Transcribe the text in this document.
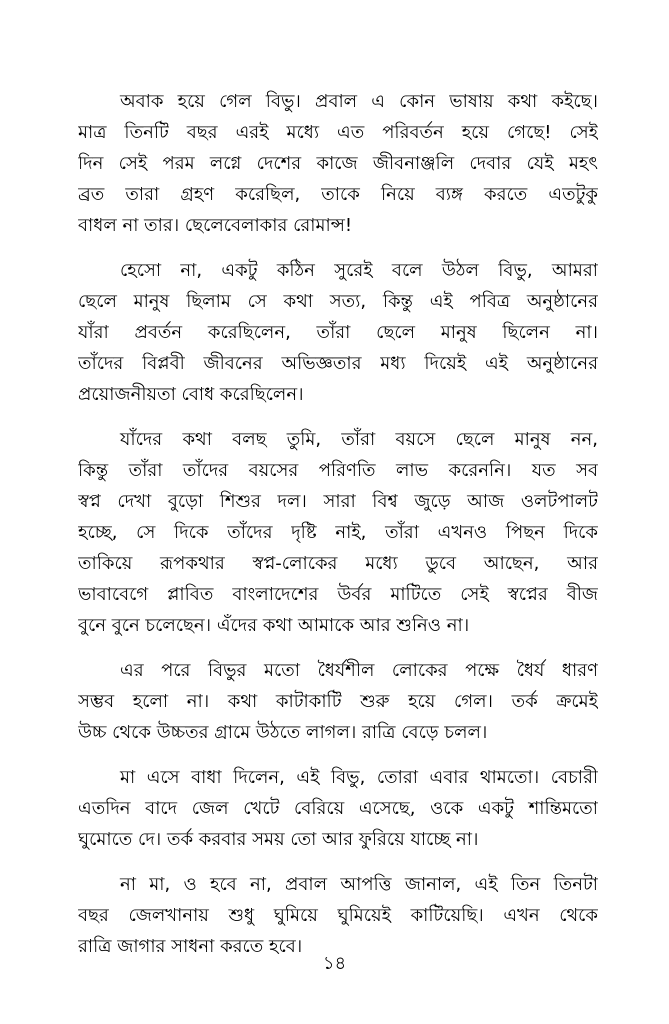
অবাক হয়ে গেল বিভু। প্রবাল এ কোন ভাষায় কথা কইছে।
মাত্র তিনটি বছর এরই মধ্যে এত পরিবর্তন হয়ে গেছে! সেই
দিন সেই পরম লগ্নে দেশের কাজে জীবনাঞ্জলি দেবার যেই মহৎ
ব্রত তারা গ্রহণ করেছিল, তাকে নিয়ে ব্যঙ্গ করতে এতটুকু
বাধল না তার। ছেলেবেলাকার রোমান্স!
হেসো না, একটু কঠিন সুরেই বলে উঠল বিভু, আমরা
ছেলে মানুষ ছিলাম সে কথা সত্য, কিন্তু এই পবিত্র অনুষ্ঠানের
যাঁরা প্রবর্তন করেছিলেন, তাঁরা ছেলে মানুষ ছিলেন না।
তাঁদের বিপ্লবী জীবনের অভিজ্ঞতার মধ্য দিয়েই এই অনুষ্ঠানের
প্রয়োজনীয়তা বোধ করেছিলেন।
যাঁদের কথা বলছ তুমি, তাঁরা বয়সে ছেলে মানুষ নন,
কিন্তু তাঁরা তাঁদের বয়সের পরিণতি লাভ করেননি। যত সব
স্বপ্ন দেখা বুড়ো শিশুর দল। সারা বিশ্ব জুড়ে আজ ওলটপালট
হচ্ছে, সে দিকে তাঁদের দৃষ্টি নাই, তাঁরা এখনও পিছন দিকে
তাকিয়ে রূপকথার স্বপ্ন-লোকের মধ্যে ডুবে আছেন, আর
ভাবাবেগে প্লাবিত বাংলাদেশের উর্বর মাটিতে সেই স্বপ্নের বীজ
বুনে বুনে চলেছেন। এঁদের কথা আমাকে আর শুনিও না।
এর পরে বিভুর মতো ধৈর্যশীল লোকের পক্ষে ধৈর্য ধারণ
সম্ভব হলো না। কথা কাটাকাটি শুরু হয়ে গেল। তর্ক ক্রমেই
উচ্চ থেকে উচ্চতর গ্রামে উঠতে লাগল। রাত্রি বেড়ে চলল।
মা এসে বাধা দিলেন, এই বিভু, তোরা এবার থামতো। বেচারী
এতদিন বাদে জেল খেটে বেরিয়ে এসেছে, ওকে একটু শান্তিমতো
ঘুমোতে দে। তর্ক করবার সময় তো আর ফুরিয়ে যাচ্ছে না।
না মা, ও হবে না, প্রবাল আপত্তি জানাল, এই তিন তিনটা
বছর জেলখানায় শুধু ঘুমিয়ে ঘুমিয়েই কাটিয়েছি। এখন থেকে
রাত্রি জাগার সাধনা করতে হবে।
১৪
